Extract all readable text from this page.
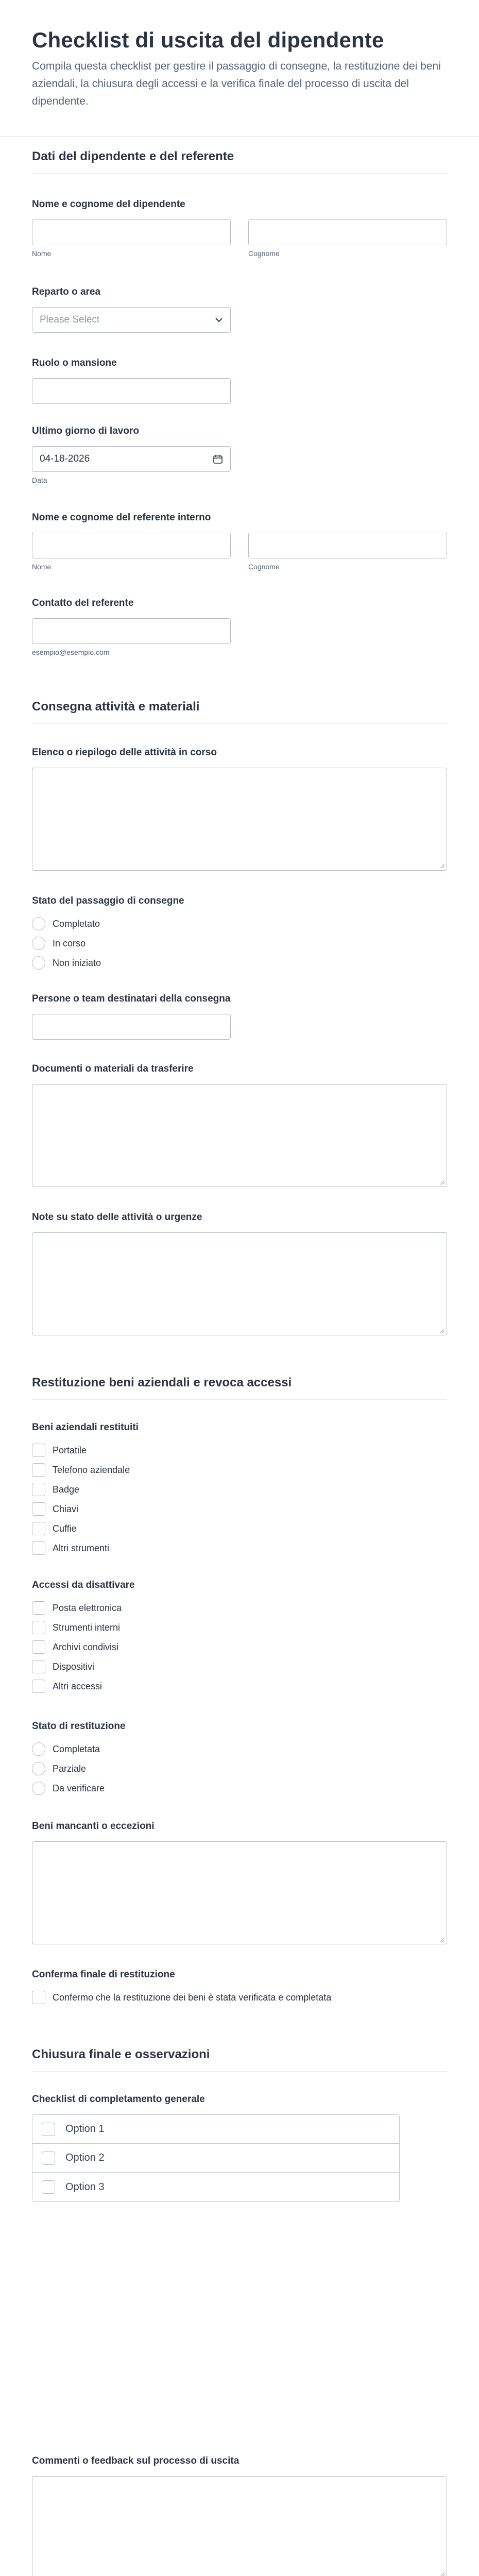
Checklist di uscita del dipendente

Compila questa checklist per gestire il passaggio di consegne, la restituzione dei beni aziendali, la chiusura degli accessi e la verifica finale del processo di uscita del dipendente.

Dati del dipendente e del referente
Nome e cognome del dipendente
Nome	Cognome
Reparto o area
Please Select
Ruolo o mansione
Ultimo giorno di lavoro
04-18-2026
Data
Nome e cognome del referente interno
Nome	Cognome
Contatto del referente
esempio@esempio.com
Consegna attività e materiali
Elenco o riepilogo delle attività in corso
Stato del passaggio di consegne
Completato
In corso
Non iniziato
Persone o team destinatari della consegna
Documenti o materiali da trasferire
Note su stato delle attività o urgenze
Restituzione beni aziendali e revoca accessi
Beni aziendali restituiti
Portatile
Telefono aziendale
Badge
Chiavi
Cuffie
Altri strumenti
Accessi da disattivare
Posta elettronica
Strumenti interni
Archivi condivisi
Dispositivi
Altri accessi
Stato di restituzione
Completata
Parziale
Da verificare
Beni mancanti o eccezioni
Conferma finale di restituzione
Confermo che la restituzione dei beni è stata verificata e completata
Chiusura finale e osservazioni
Checklist di completamento generale
Option 1
Option 2
Option 3
Commenti o feedback sul processo di uscita
